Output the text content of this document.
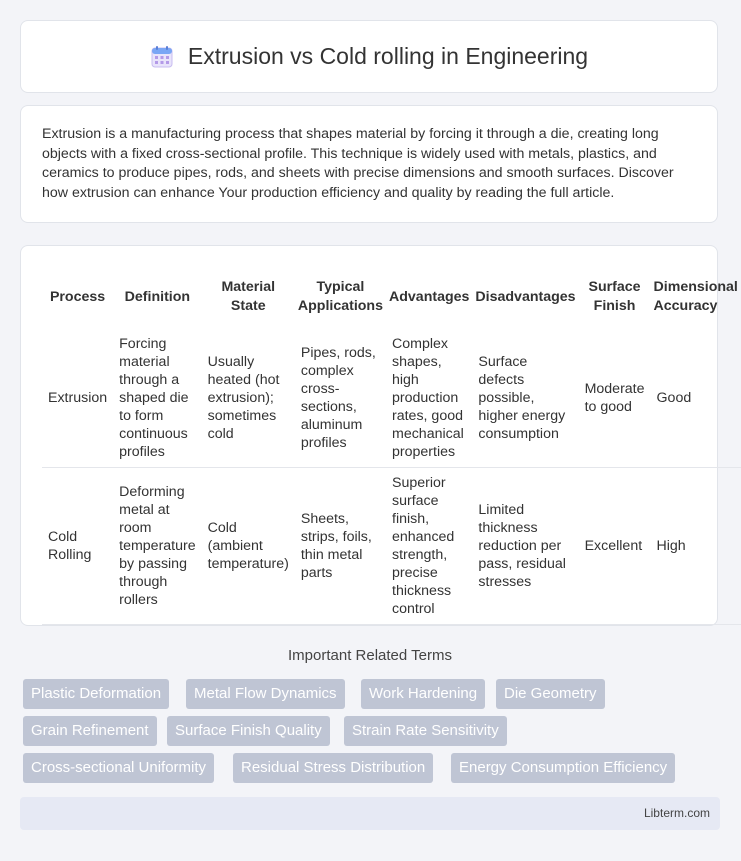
Extrusion vs Cold rolling in Engineering
Extrusion is a manufacturing process that shapes material by forcing it through a die, creating long objects with a fixed cross-sectional profile. This technique is widely used with metals, plastics, and ceramics to produce pipes, rods, and sheets with precise dimensions and smooth surfaces. Discover how extrusion can enhance Your production efficiency and quality by reading the full article.
Process	Definition	Material State	Typical Applications	Advantages	Disadvantages	Surface Finish	Dimensional Accuracy
Extrusion	Forcing material through a shaped die to form continuous profiles	Usually heated (hot extrusion); sometimes cold	Pipes, rods, complex cross-sections, aluminum profiles	Complex shapes, high production rates, good mechanical properties	Surface defects possible, higher energy consumption	Moderate to good	Good
Cold Rolling	Deforming metal at room temperature by passing through rollers	Cold (ambient temperature)	Sheets, strips, foils, thin metal parts	Superior surface finish, enhanced strength, precise thickness control	Limited thickness reduction per pass, residual stresses	Excellent	High
Important Related Terms
Plastic Deformation	Metal Flow Dynamics	Work Hardening	Die Geometry
Grain Refinement	Surface Finish Quality	Strain Rate Sensitivity
Cross-sectional Uniformity	Residual Stress Distribution	Energy Consumption Efficiency
Libterm.com
